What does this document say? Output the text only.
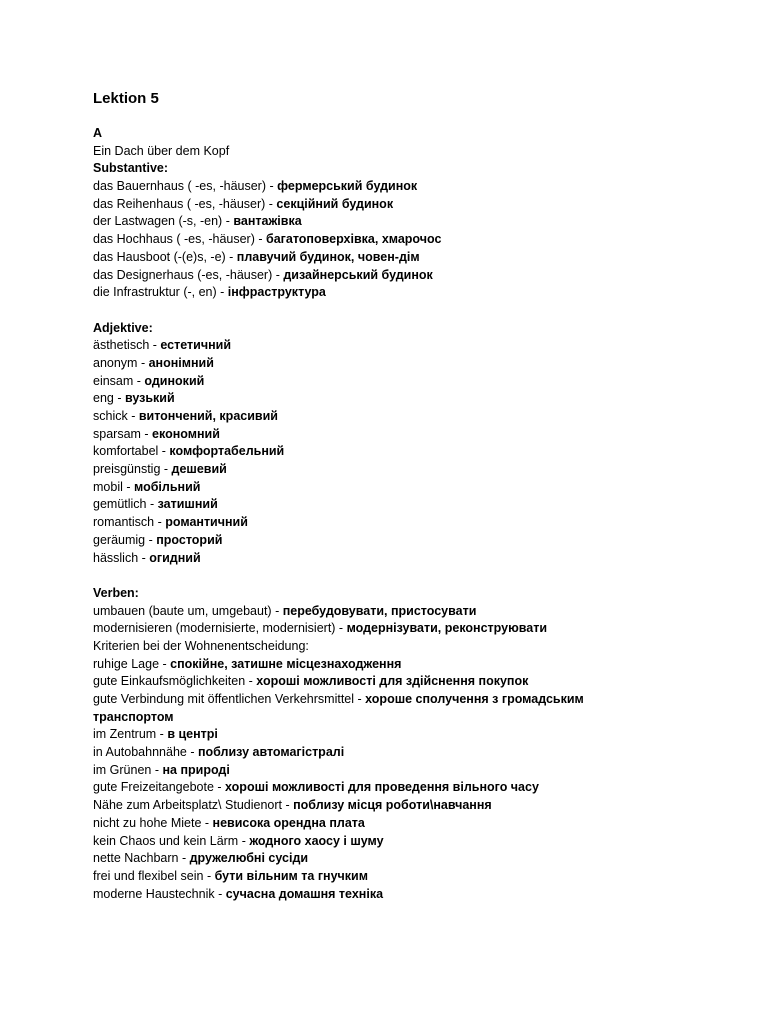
Lektion 5
A
Ein Dach über dem Kopf
Substantive:
das Bauernhaus ( -es, -häuser) - фермерський будинок
das Reihenhaus ( -es, -häuser) - секційний будинок
der Lastwagen (-s, -en) - вантажівка
das Hochhaus ( -es, -häuser) - багатоповерхівка, хмарочос
das Hausboot (-(e)s, -e) - плавучий будинок, човен-дім
das Designerhaus (-es, -häuser) - дизайнерський будинок
die Infrastruktur (-, en) - інфраструктура
Adjektive:
ästhetisch - естетичний
anonym - анонімний
einsam - одинокий
eng - вузький
schick - витончений, красивий
sparsam - економний
komfortabel - комфортабельний
preisgünstig - дешевий
mobil - мобільний
gemütlich - затишний
romantisch - романтичний
geräumig - просторий
hässlich - огидний
Verben:
umbauen (baute um, umgebaut) - перебудовувати, пристосувати
modernisieren (modernisierte, modernisiert) - модернізувати, реконструювати
Kriterien bei der Wohnenentscheidung:
ruhige Lage - спокійне, затишне місцезнаходження
gute Einkaufsmöglichkeiten - хороші можливості для здійснення покупок
gute Verbindung mit öffentlichen Verkehrsmittel - хороше сполучення з громадським транспортом
im Zentrum - в центрі
in Autobahnnähe - поблизу автомагістралі
im Grünen - на природі
gute Freizeitangebote - хороші можливості для проведення вільного часу
Nähe zum Arbeitsplatz\ Studienort - поблизу місця роботи\навчання
nicht zu hohe Miete - невисока орендна плата
kein Chaos und kein Lärm - жодного хаосу і шуму
nette Nachbarn - дружелюбні сусіди
frei und flexibel sein - бути вільним та гнучким
moderne Haustechnik - сучасна домашня техніка
